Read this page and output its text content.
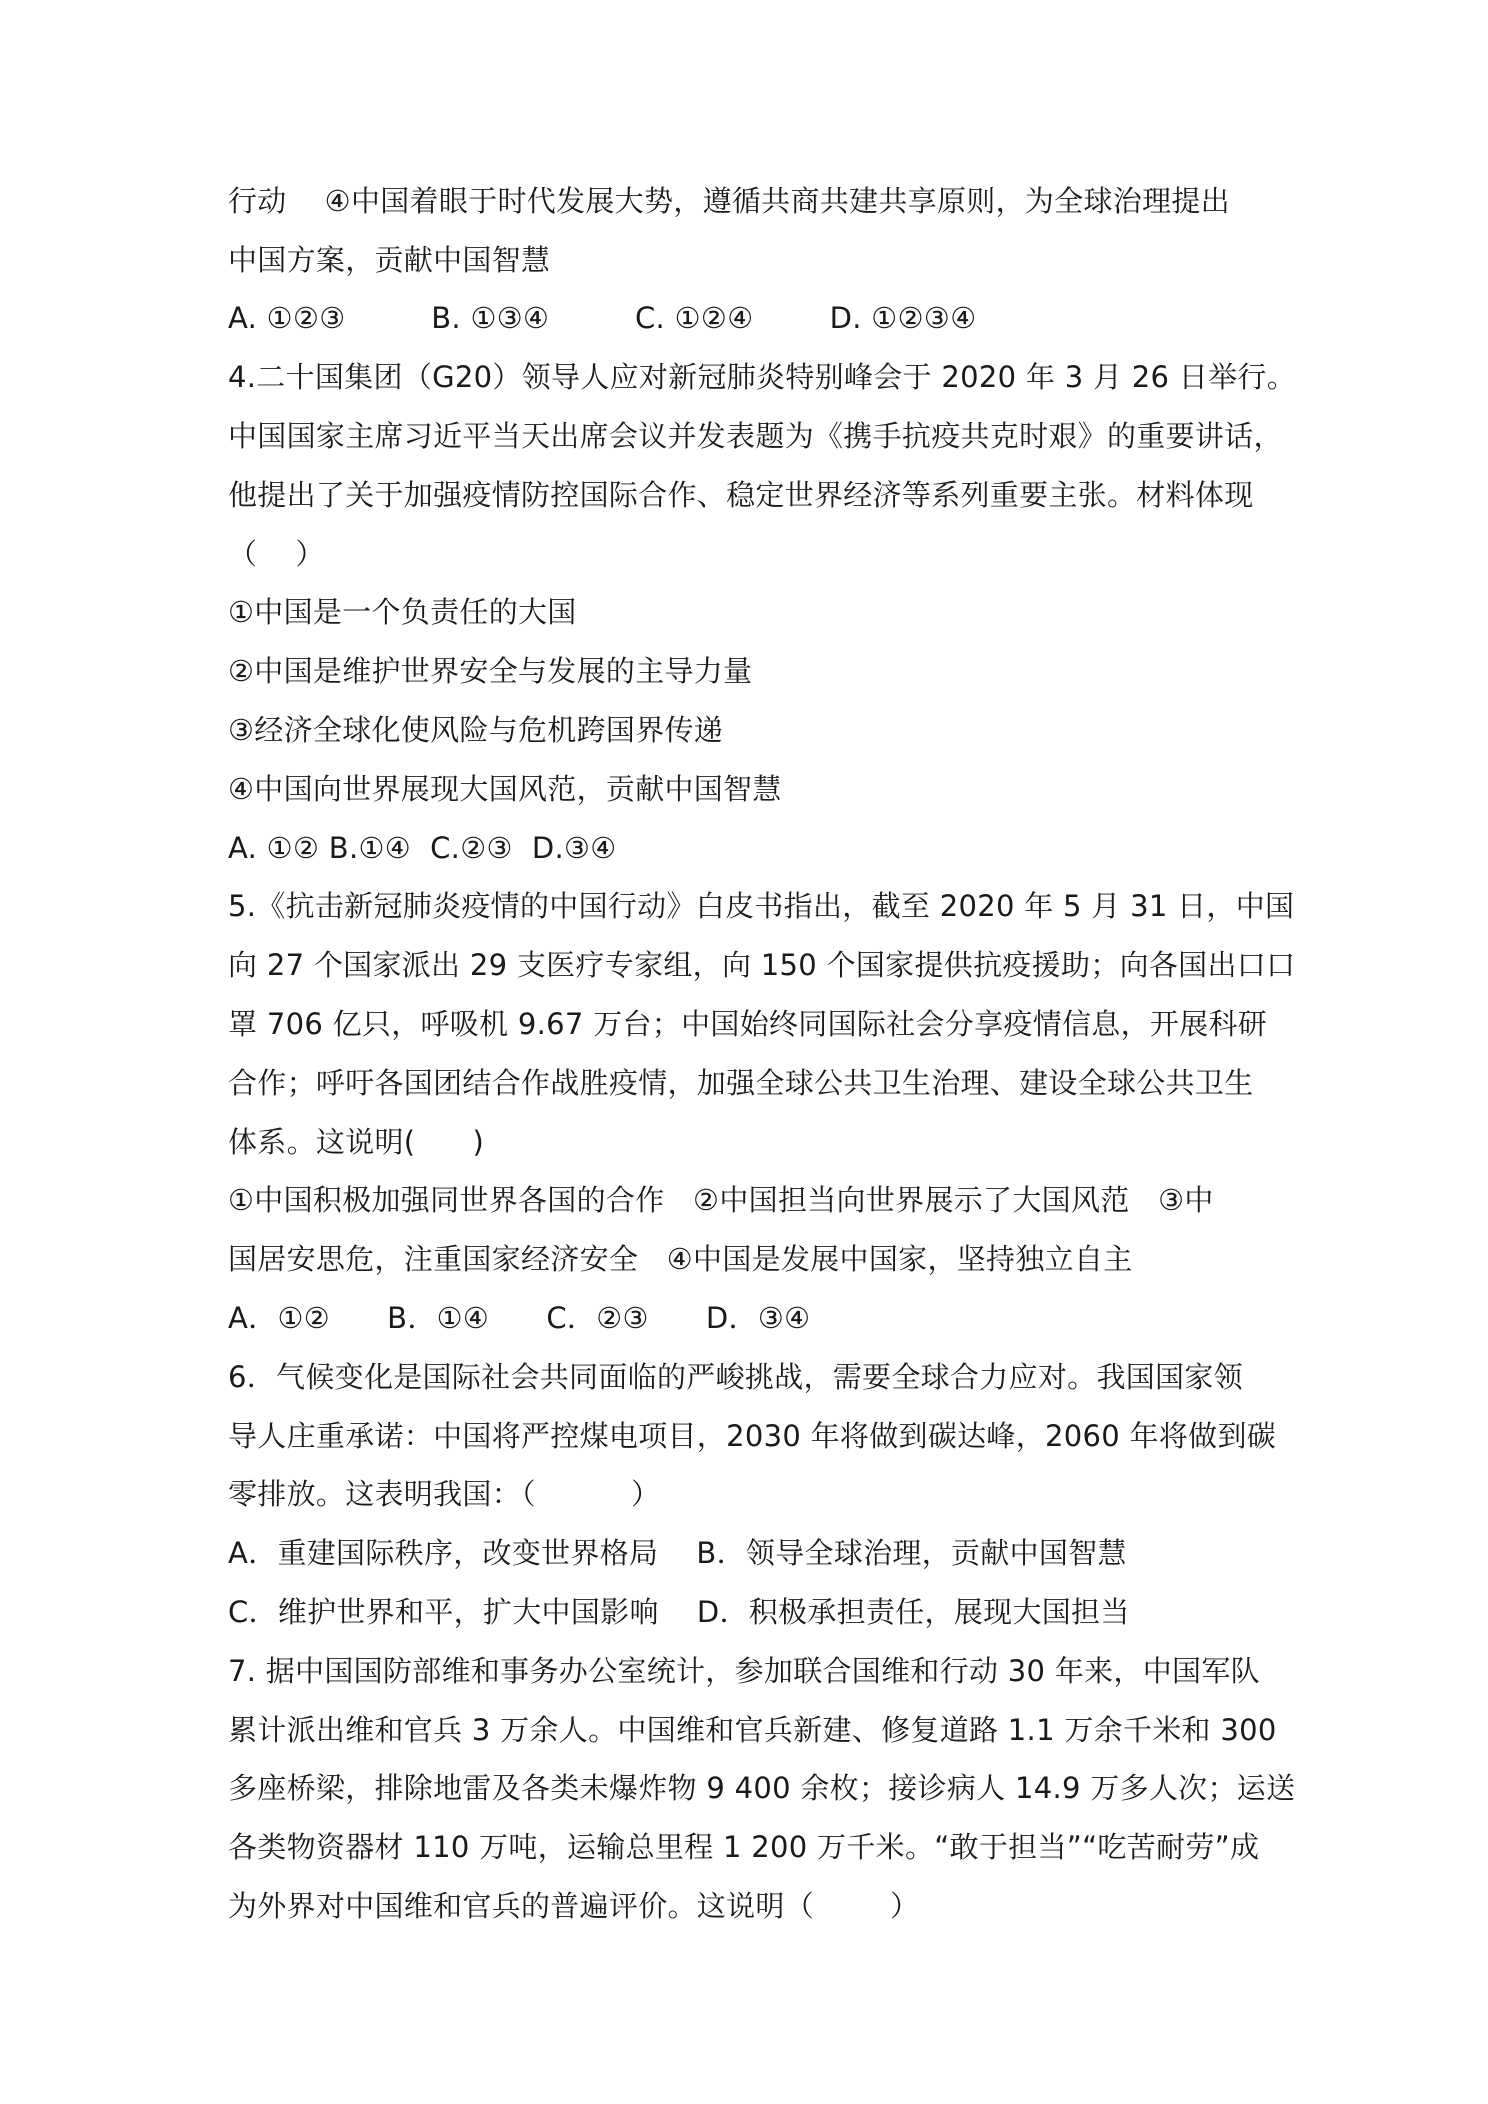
行动    ④中国着眼于时代发展大势，遵循共商共建共享原则，为全球治理提出
中国方案，贡献中国智慧
A. ①②③         B. ①③④         C. ①②④        D. ①②③④
4.二十国集团（G20）领导人应对新冠肺炎特别峰会于 2020 年 3 月 26 日举行。
中国国家主席习近平当天出席会议并发表题为《携手抗疫共克时艰》的重要讲话，
他提出了关于加强疫情防控国际合作、稳定世界经济等系列重要主张。材料体现
（    ）
①中国是一个负责任的大国
②中国是维护世界安全与发展的主导力量
③经济全球化使风险与危机跨国界传递
④中国向世界展现大国风范，贡献中国智慧
A. ①② B.①④  C.②③  D.③④
5.《抗击新冠肺炎疫情的中国行动》白皮书指出，截至 2020 年 5 月 31 日，中国
向 27 个国家派出 29 支医疗专家组，向 150 个国家提供抗疫援助；向各国出口口
罩 706 亿只，呼吸机 9.67 万台；中国始终同国际社会分享疫情信息，开展科研
合作；呼吁各国团结合作战胜疫情，加强全球公共卫生治理、建设全球公共卫生
体系。这说明(      )
①中国积极加强同世界各国的合作   ②中国担当向世界展示了大国风范   ③中
国居安思危，注重国家经济安全   ④中国是发展中国家，坚持独立自主
A．①②      B．①④      C．②③      D．③④
6．气候变化是国际社会共同面临的严峻挑战，需要全球合力应对。我国国家领
导人庄重承诺：中国将严控煤电项目，2030 年将做到碳达峰，2060 年将做到碳
零排放。这表明我国：（          ）
A．重建国际秩序，改变世界格局    B．领导全球治理，贡献中国智慧
C．维护世界和平，扩大中国影响    D．积极承担责任，展现大国担当
7. 据中国国防部维和事务办公室统计，参加联合国维和行动 30 年来，中国军队
累计派出维和官兵 3 万余人。中国维和官兵新建、修复道路 1.1 万余千米和 300
多座桥梁，排除地雷及各类未爆炸物 9 400 余枚；接诊病人 14.9 万多人次；运送
各类物资器材 110 万吨，运输总里程 1 200 万千米。“敢于担当”“吃苦耐劳”成
为外界对中国维和官兵的普遍评价。这说明（        ）
